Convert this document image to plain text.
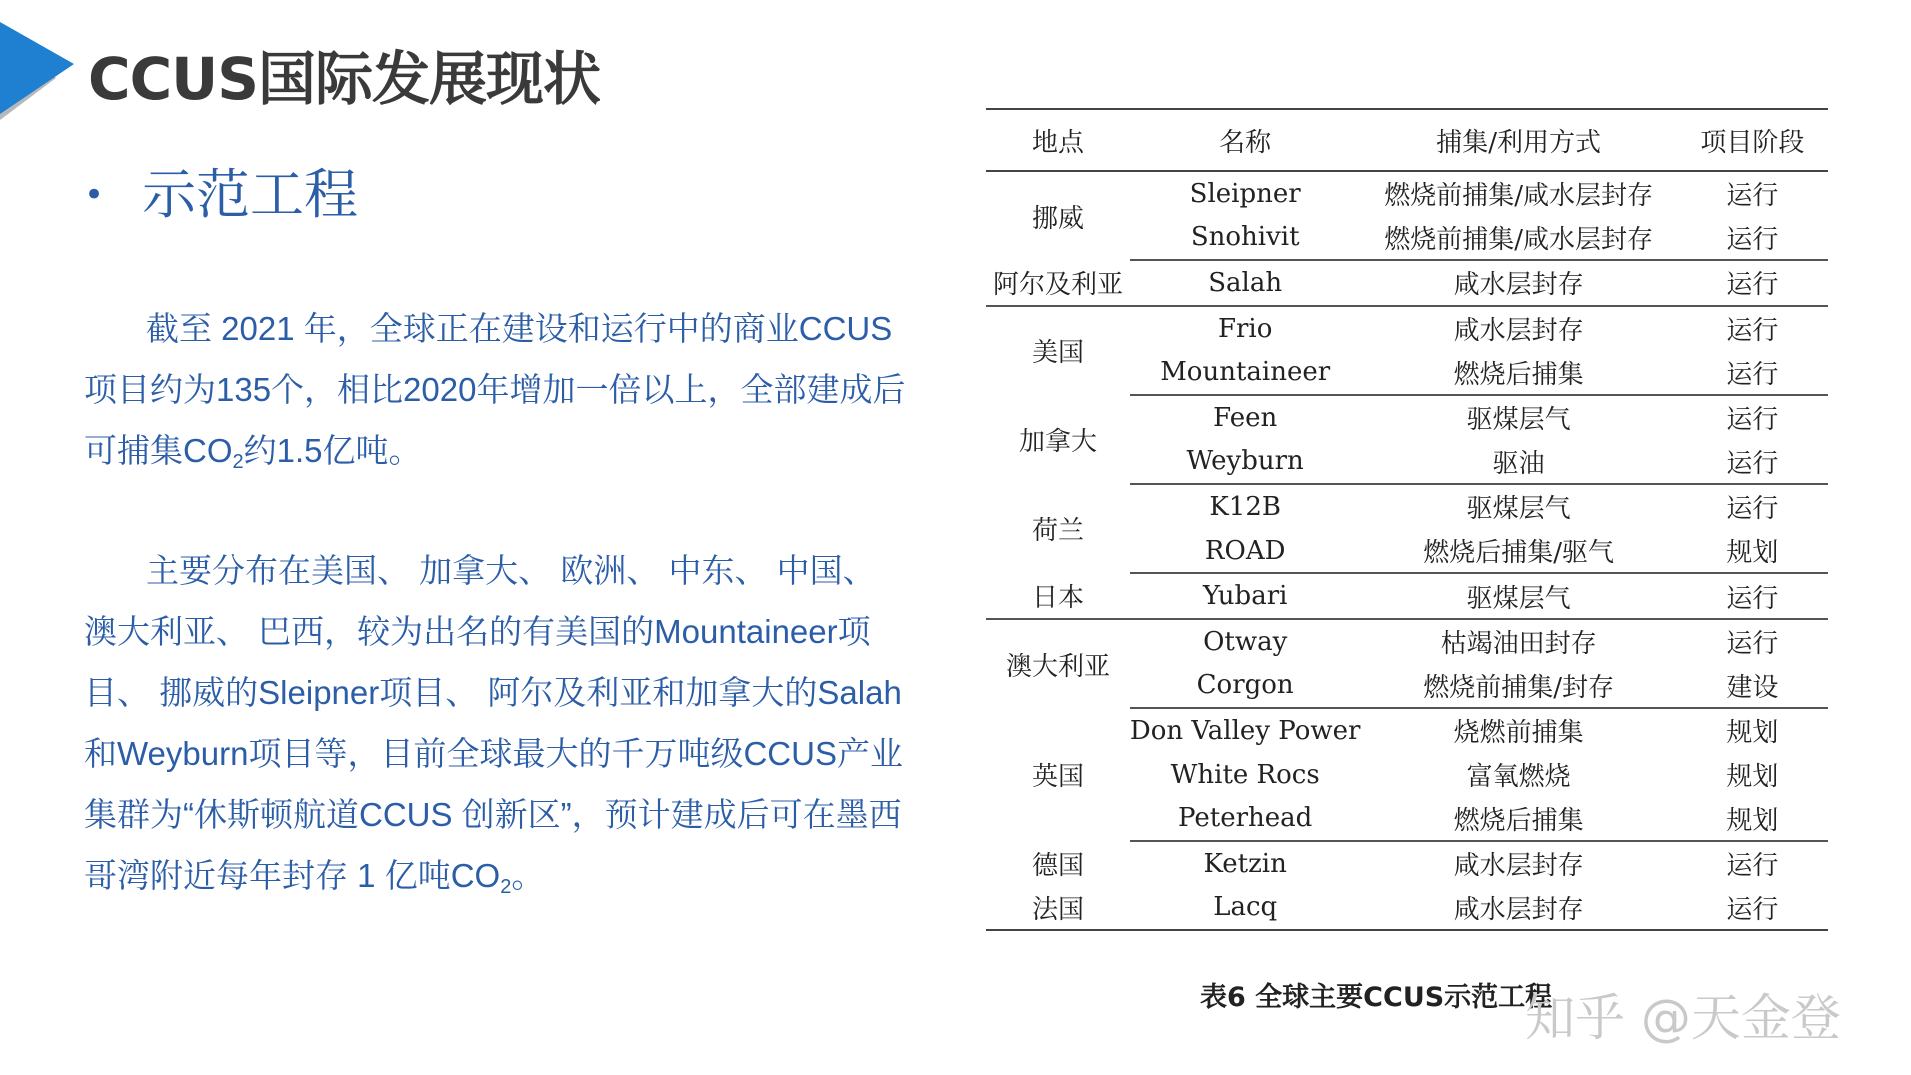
CCUS国际发展现状
• 示范工程

截至 2021 年，全球正在建设和运行中的商业CCUS项目约为135个，相比2020年增加一倍以上，全部建成后可捕集$CO_2$约1.5亿吨。

主要分布在美国、 加拿大、 欧洲、 中东、 中国、 澳大利亚、 巴西，较为出名的有美国的Mountaineer项目、 挪威的Sleipner项目、 阿尔及利亚和加拿大的Salah和Weyburn项目等，目前全球最大的千万吨级CCUS产业集群为“休斯顿航道CCUS 创新区”，预计建成后可在墨西哥湾附近每年封存 1 亿吨$CO_2$。

地点	名称	捕集/利用方式	项目阶段
挪威	Sleipner	燃烧前捕集/咸水层封存	运行
	Snohivit	燃烧前捕集/咸水层封存	运行
阿尔及利亚	Salah	咸水层封存	运行
美国	Frio	咸水层封存	运行
	Mountaineer	燃烧后捕集	运行
加拿大	Feen	驱煤层气	运行
	Weyburn	驱油	运行
荷兰	K12B	驱煤层气	运行
	ROAD	燃烧后捕集/驱气	规划
日本	Yubari	驱煤层气	运行
澳大利亚	Otway	枯竭油田封存	运行
	Corgon	燃烧前捕集/封存	建设
英国	Don Valley Power	烧燃前捕集	规划
	White Rocs	富氧燃烧	规划
	Peterhead	燃烧后捕集	规划
德国	Ketzin	咸水层封存	运行
法国	Lacq	咸水层封存	运行
表6 全球主要CCUS示范工程
知乎 @天金登
